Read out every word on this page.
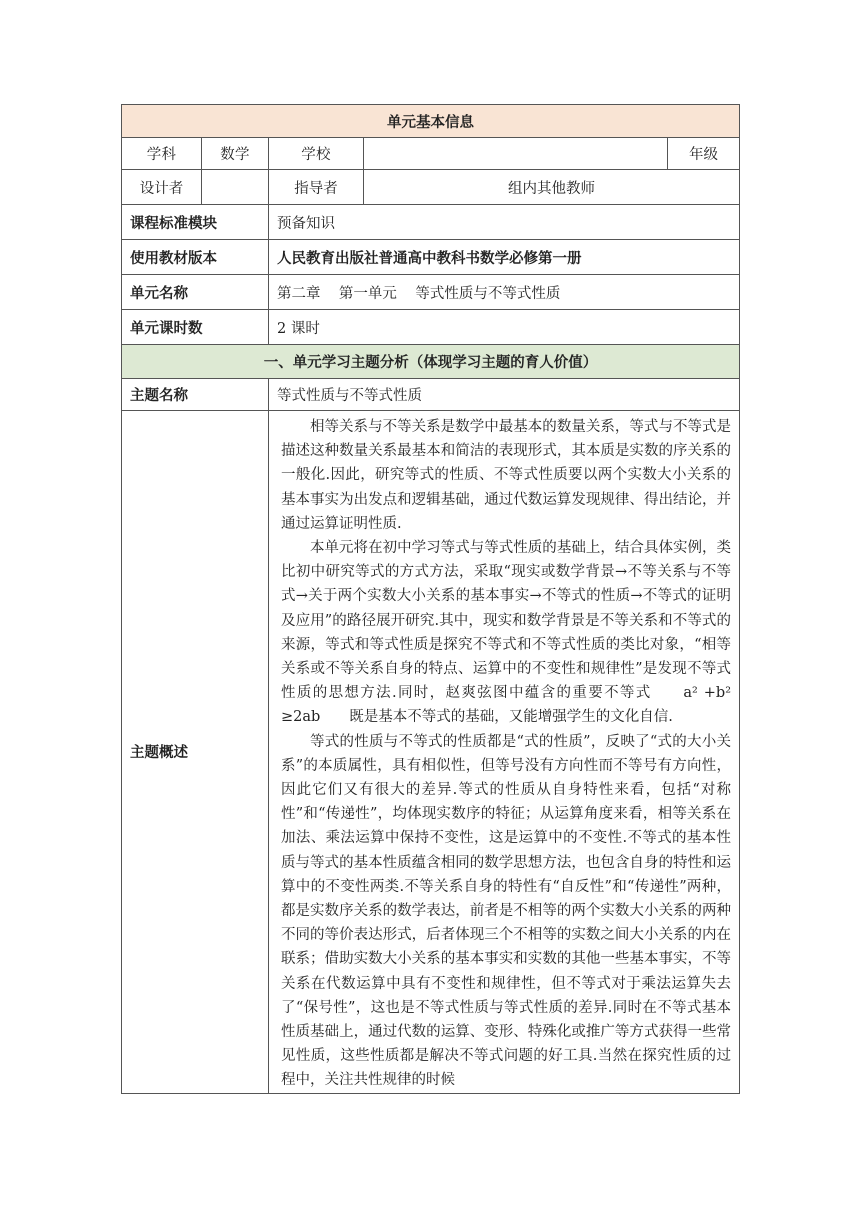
单元基本信息				
学科	数学	学校		年级
设计者		指导者	组内其他教师	
课程标准模块		预备知识		
使用教材版本		人民教育出版社普通高中教科书数学必修第一册		
单元名称		第二章    第一单元    等式性质与不等式性质		
单元课时数		2 课时		
一、单元学习主题分析（体现学习主题的育人价值）				
主题名称		等式性质与不等式性质		
主题概述		相等关系与不等关系是数学中最基本的数量关系，等式与不等式是描述这种数量关系最基本和简洁的表现形式，其本质是实数的序关系的一般化.因此，研究等式的性质、不等式性质要以两个实数大小关系的基本事实为出发点和逻辑基础，通过代数运算发现规律、得出结论，并通过运算证明性质.

本单元将在初中学习等式与等式性质的基础上，结合具体实例，类比初中研究等式的方式方法，采取“现实或数学背景→不等关系与不等式→关于两个实数大小关系的基本事实→不等式的性质→不等式的证明及应用”的路径展开研究.其中，现实和数学背景是不等关系和不等式的来源，等式和等式性质是探究不等式和不等式性质的类比对象，“相等关系或不等关系自身的特点、运算中的不变性和规律性”是发现不等式性质的思想方法.同时，赵爽弦图中蕴含的重要不等式　　a² +b² ≥2ab　　既是基本不等式的基础，又能增强学生的文化自信.

等式的性质与不等式的性质都是“式的性质”，反映了“式的大小关系”的本质属性，具有相似性，但等号没有方向性而不等号有方向性，因此它们又有很大的差异.等式的性质从自身特性来看，包括“对称性”和“传递性”，均体现实数序的特征；从运算角度来看，相等关系在加法、乘法运算中保持不变性，这是运算中的不变性.不等式的基本性质与等式的基本性质蕴含相同的数学思想方法，也包含自身的特性和运算中的不变性两类.不等关系自身的特性有“自反性”和“传递性”两种，都是实数序关系的数学表达，前者是不相等的两个实数大小关系的两种不同的等价表达形式，后者体现三个不相等的实数之间大小关系的内在联系；借助实数大小关系的基本事实和实数的其他一些基本事实，不等关系在代数运算中具有不变性和规律性，但不等式对于乘法运算失去了“保号性”，这也是不等式性质与等式性质的差异.同时在不等式基本性质基础上，通过代数的运算、变形、特殊化或推广等方式获得一些常见性质，这些性质都是解决不等式问题的好工具.当然在探究性质的过程中，关注共性规律的时候		
